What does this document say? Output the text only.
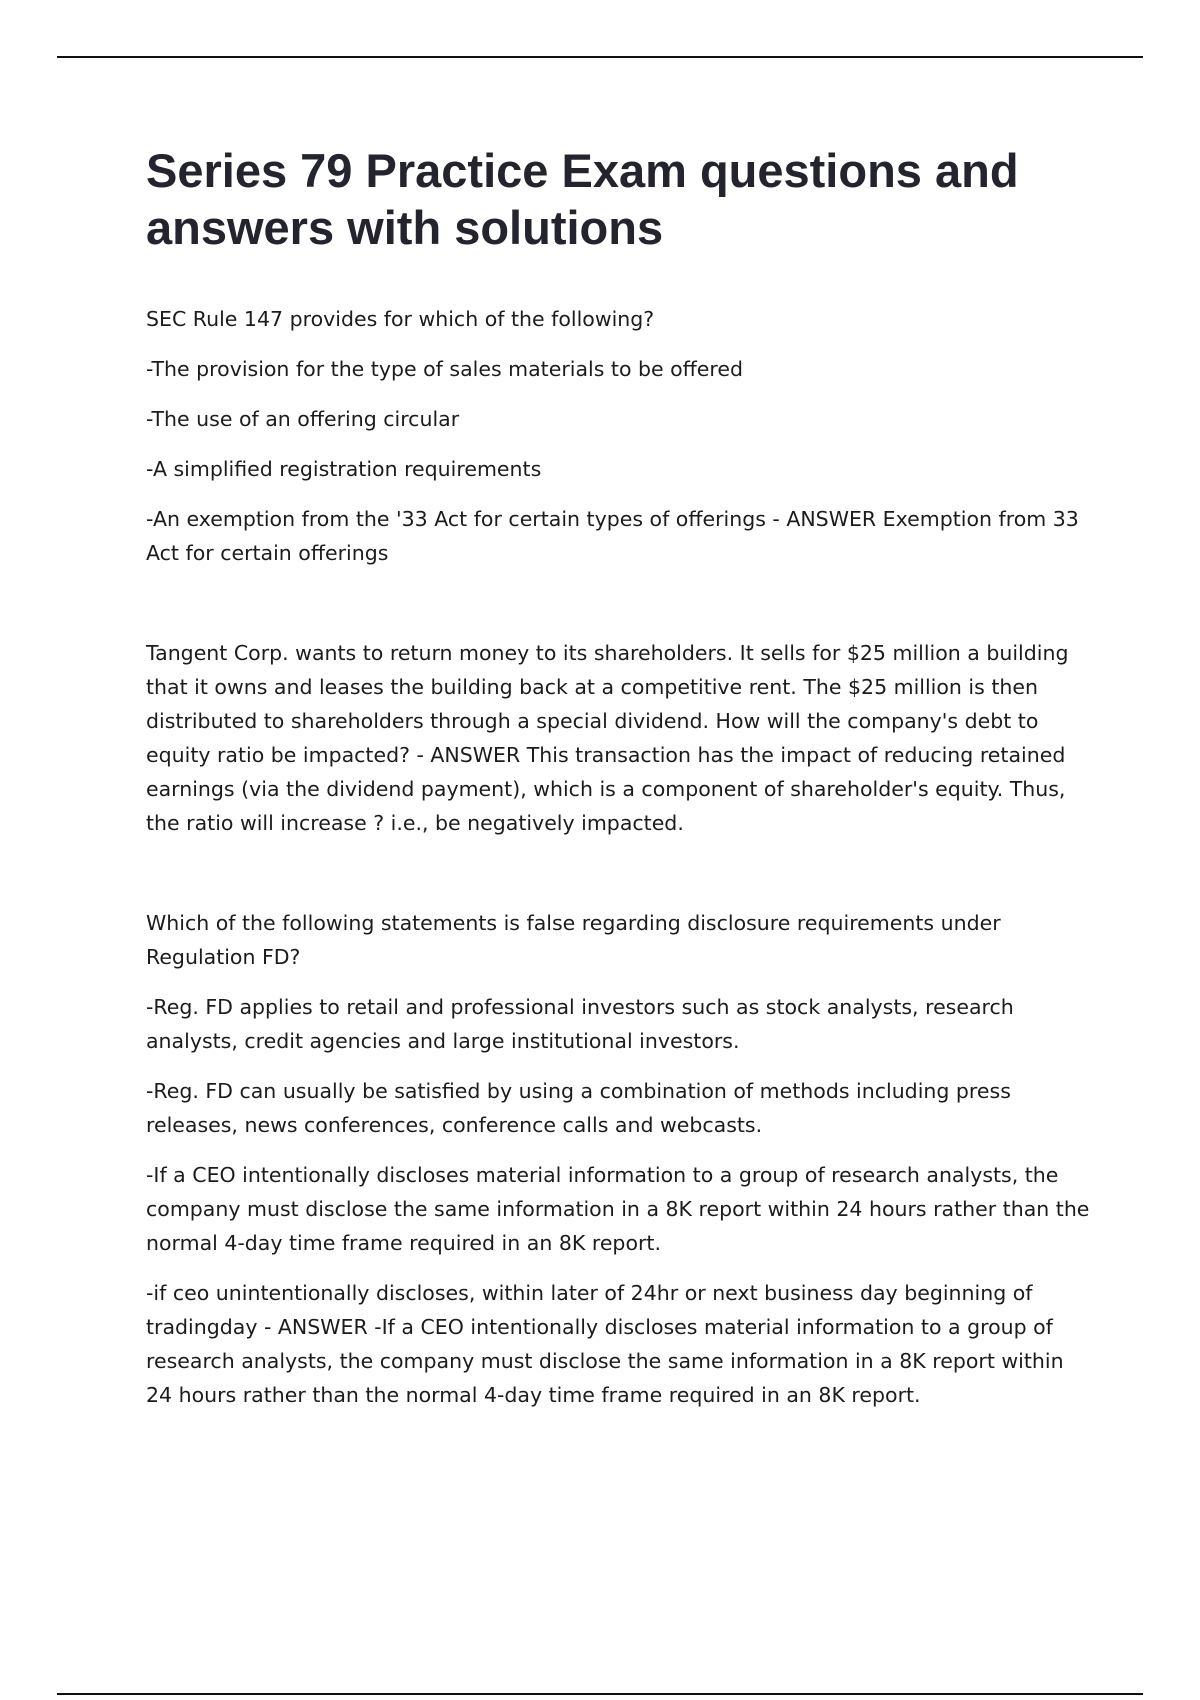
Series 79 Practice Exam questions and answers with solutions

SEC Rule 147 provides for which of the following?

-The provision for the type of sales materials to be offered

-The use of an offering circular

-A simplified registration requirements

-An exemption from the '33 Act for certain types of offerings - ANSWER Exemption from 33 Act for certain offerings

Tangent Corp. wants to return money to its shareholders. It sells for $25 million a building that it owns and leases the building back at a competitive rent. The $25 million is then distributed to shareholders through a special dividend. How will the company's debt to equity ratio be impacted? - ANSWER This transaction has the impact of reducing retained earnings (via the dividend payment), which is a component of shareholder's equity. Thus, the ratio will increase ? i.e., be negatively impacted.

Which of the following statements is false regarding disclosure requirements under Regulation FD?

-Reg. FD applies to retail and professional investors such as stock analysts, research analysts, credit agencies and large institutional investors.

-Reg. FD can usually be satisfied by using a combination of methods including press releases, news conferences, conference calls and webcasts.

-If a CEO intentionally discloses material information to a group of research analysts, the company must disclose the same information in a 8K report within 24 hours rather than the normal 4-day time frame required in an 8K report.

-if ceo unintentionally discloses, within later of 24hr or next business day beginning of tradingday - ANSWER -If a CEO intentionally discloses material information to a group of research analysts, the company must disclose the same information in a 8K report within 24 hours rather than the normal 4-day time frame required in an 8K report.
